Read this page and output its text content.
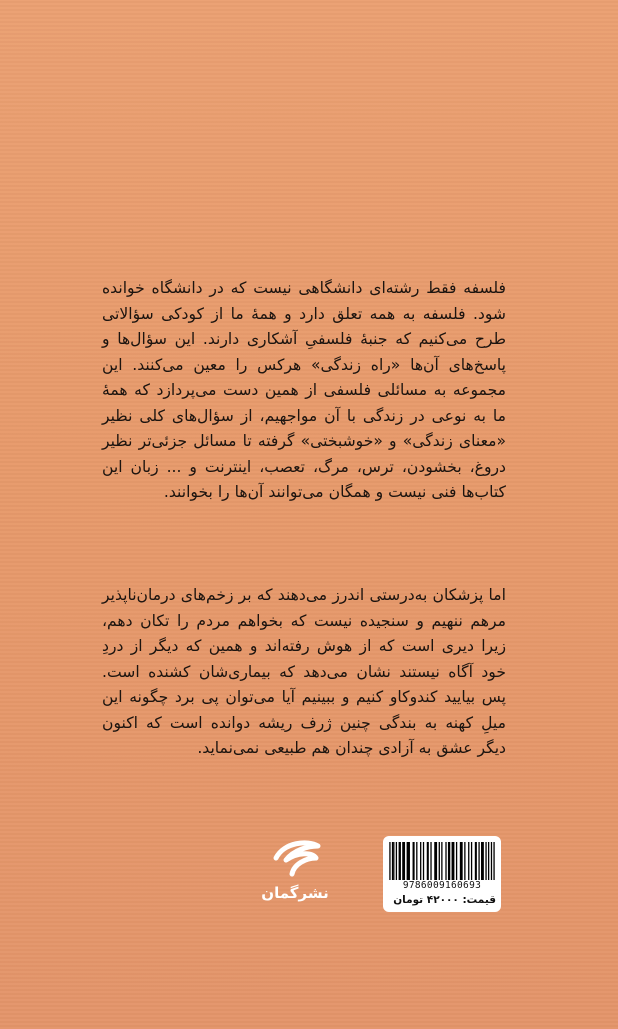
فلسفه فقط رشته‌ای دانشگاهی نیست که در دانشگاه خوانده شود. فلسفه به همه تعلق دارد و همهٔ ما از کودکی سؤالاتی طرح می‌کنیم که جنبهٔ فلسفیِ آشکاری دارند. این سؤال‌ها و پاسخ‌های آن‌ها «راه زندگی» هرکس را معین می‌کنند. این مجموعه به مسائلی فلسفی از همین دست می‌پردازد که همهٔ ما به نوعی در زندگی با آن مواجهیم، از سؤال‌های کلی نظیر «معنای زندگی» و «خوشبختی» گرفته تا مسائل جزئی‌تر نظیر دروغ، بخشودن، ترس، مرگ، تعصب، اینترنت و ... زبان این کتاب‌ها فنی نیست و همگان می‌توانند آن‌ها را بخوانند.

اما پزشکان به‌درستی اندرز می‌دهند که بر زخم‌های درمان‌ناپذیر مرهم ننهیم و سنجیده نیست که بخواهم مردم را تکان دهم، زیرا دیری است که از هوش رفته‌اند و همین که دیگر از دردِ خود آگاه نیستند نشان می‌دهد که بیماری‌شان کشنده است. پس بیایید کندوکاو کنیم و ببینیم آیا می‌توان پی برد چگونه این میلِ کهنه به بندگی چنین ژرف ریشه دوانده است که اکنون دیگر عشق به آزادی چندان هم طبیعی نمی‌نماید.

نشرگمان	9786009160693
قیمت: ۴۲۰۰۰ تومان
